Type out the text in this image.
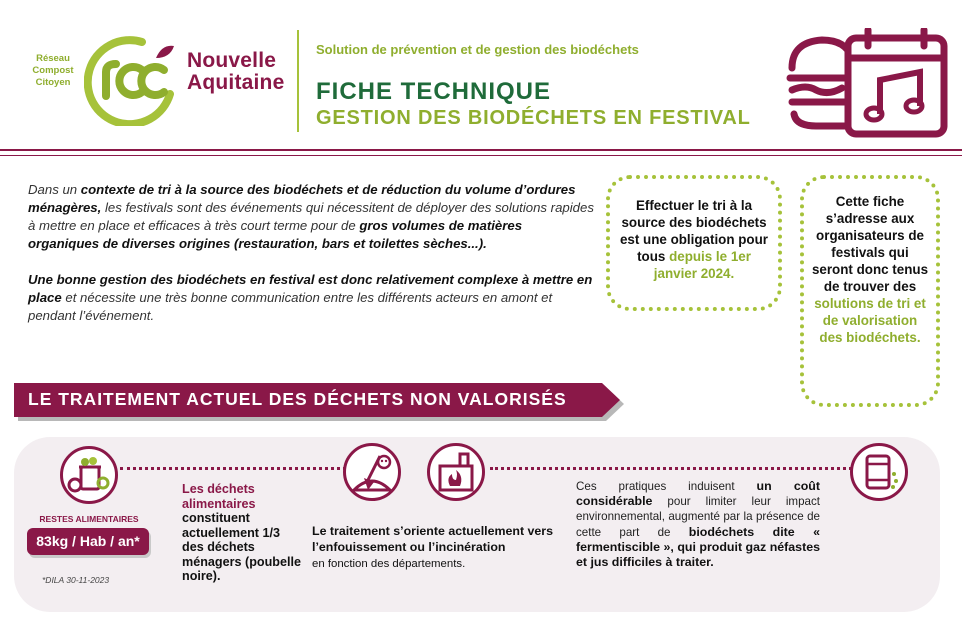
Réseau
Compost
Citoyen
Nouvelle
Aquitaine
Solution de prévention et de gestion des biodéchets
FICHE TECHNIQUE
GESTION DES BIODÉCHETS EN FESTIVAL

Dans un contexte de tri à la source des biodéchets et de réduction du volume d’ordures ménagères, les festivals sont des événements qui nécessitent de déployer des solutions rapides à mettre en place et efficaces à très court terme pour de gros volumes de matières organiques de diverses origines (restauration, bars et toilettes sèches...).

Une bonne gestion des biodéchets en festival est donc relativement complexe à mettre en place et nécessite une très bonne communication entre les différents acteurs en amont et pendant l’événement.

Effectuer le tri à la source des biodéchets est une obligation pour tous depuis le 1er janvier 2024.
Cette fiche s’adresse aux organisateurs de festivals qui seront donc tenus de trouver des solutions de tri et de valorisation des biodéchets.
LE TRAITEMENT ACTUEL DES DÉCHETS NON VALORISÉS
RESTES ALIMENTAIRES
83kg / Hab / an*
*DILA 30-11-2023
Les déchets alimentaires
constituent actuellement 1/3 des déchets ménagers (poubelle noire).
Le traitement s’oriente actuellement vers l’enfouissement ou l’incinération
en fonction des départements.
Ces pratiques induisent un coût considérable pour limiter leur impact environnemental, augmenté par la présence de cette part de biodéchets dite « fermentiscible », qui produit gaz néfastes et jus difficiles à traiter.
